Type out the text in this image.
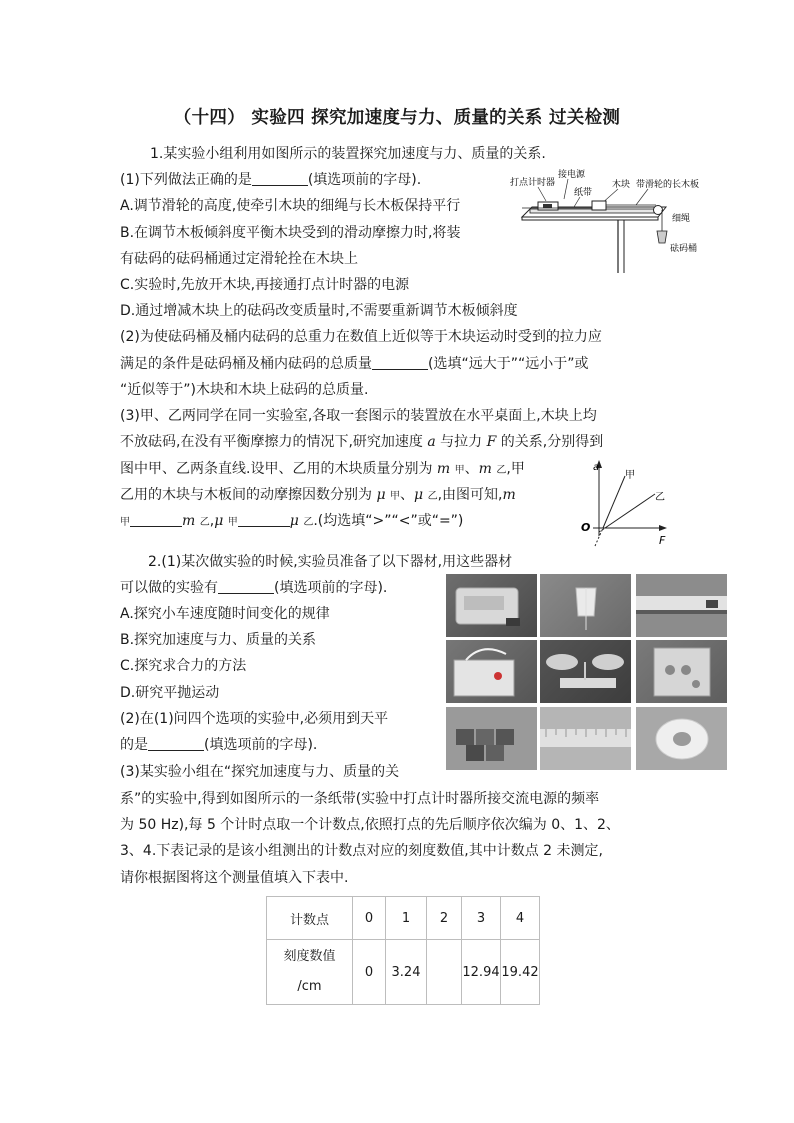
（十四） 实验四 探究加速度与力、质量的关系 过关检测
1.某实验小组利用如图所示的装置探究加速度与力、质量的关系.
(1)下列做法正确的是	(填选项前的字母).
A.调节滑轮的高度,使牵引木块的细绳与长木板保持平行
B.在调节木板倾斜度平衡木块受到的滑动摩擦力时,将装
有砝码的砝码桶通过定滑轮拴在木块上
C.实验时,先放开木块,再接通打点计时器的电源
D.通过增减木块上的砝码改变质量时,不需要重新调节木板倾斜度
(2)为使砝码桶及桶内砝码的总重力在数值上近似等于木块运动时受到的拉力应
满足的条件是砝码桶及桶内砝码的总质量	(选填“远大于”“远小于”或
“近似等于”)木块和木块上砝码的总质量.
(3)甲、乙两同学在同一实验室,各取一套图示的装置放在水平桌面上,木块上均
不放砝码,在没有平衡摩擦力的情况下,研究加速度 a 与拉力 F 的关系,分别得到
图中甲、乙两条直线.设甲、乙用的木块质量分别为 m 甲、m 乙,甲
乙用的木块与木板间的动摩擦因数分别为 μ 甲、μ 乙,由图可知,m
甲	m 乙,μ 甲	μ 乙.(均选填“>”“<”或“=”)
打点计时器
接电源
纸带
木块 带滑轮的长木板
细绳
砝码桶
a
F
O
甲
乙
2.(1)某次做实验的时候,实验员准备了以下器材,用这些器材
可以做的实验有	(填选项前的字母).
A.探究小车速度随时间变化的规律
B.探究加速度与力、质量的关系
C.探究求合力的方法
D.研究平抛运动
(2)在(1)问四个选项的实验中,必须用到天平
的是	(填选项前的字母).
(3)某实验小组在“探究加速度与力、质量的关
系”的实验中,得到如图所示的一条纸带(实验中打点计时器所接交流电源的频率
为 50 Hz),每 5 个计时点取一个计数点,依照打点的先后顺序依次编为 0、1、2、
3、4.下表记录的是该小组测出的计数点对应的刻度数值,其中计数点 2 未测定,
请你根据图将这个测量值填入下表中.
计数点	0	1	2	3	4
刻度数值
/cm	0	3.24		12.94	19.42
